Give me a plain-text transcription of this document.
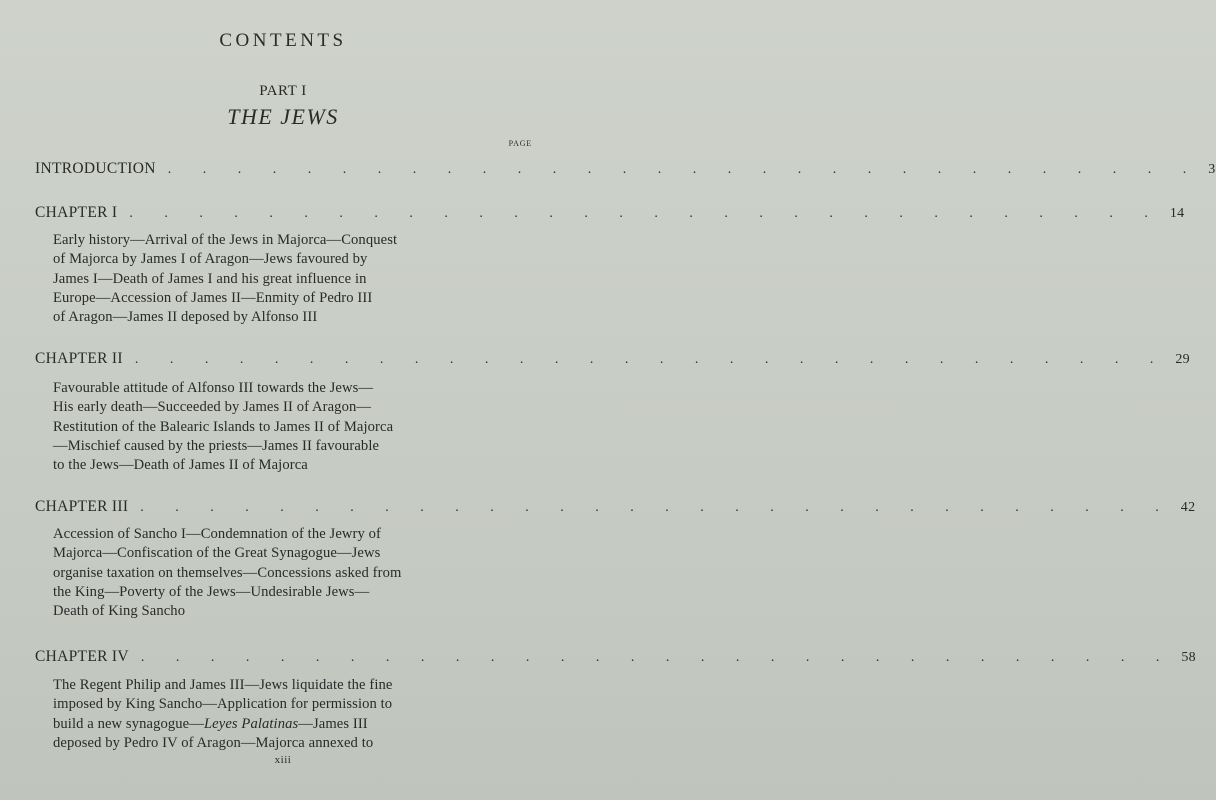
CONTENTS
PART I
THE JEWS
PAGE
INTRODUCTION . . . . . . . . . . . . . . . . . . . . . . . . . . . . . . 3
CHAPTER I . . . . . . . . . . . . . . . . . . . . . . . . . . . . . . 14
Early history—Arrival of the Jews in Majorca—Conquest
of Majorca by James I of Aragon—Jews favoured by
James I—Death of James I and his great influence in
Europe—Accession of James II—Enmity of Pedro III
of Aragon—James II deposed by Alfonso III
CHAPTER II . . . . . . . . . . . . . . . . . . . . . . . . . . . . . . 29
Favourable attitude of Alfonso III towards the Jews—
His early death—Succeeded by James II of Aragon—
Restitution of the Balearic Islands to James II of Majorca
—Mischief caused by the priests—James II favourable
to the Jews—Death of James II of Majorca
CHAPTER III . . . . . . . . . . . . . . . . . . . . . . . . . . . . . . 42
Accession of Sancho I—Condemnation of the Jewry of
Majorca—Confiscation of the Great Synagogue—Jews
organise taxation on themselves—Concessions asked from
the King—Poverty of the Jews—Undesirable Jews—
Death of King Sancho
CHAPTER IV . . . . . . . . . . . . . . . . . . . . . . . . . . . . . . 58
The Regent Philip and James III—Jews liquidate the fine
imposed by King Sancho—Application for permission to
build a new synagogue—Leyes Palatinas—James III
deposed by Pedro IV of Aragon—Majorca annexed to
xiii
